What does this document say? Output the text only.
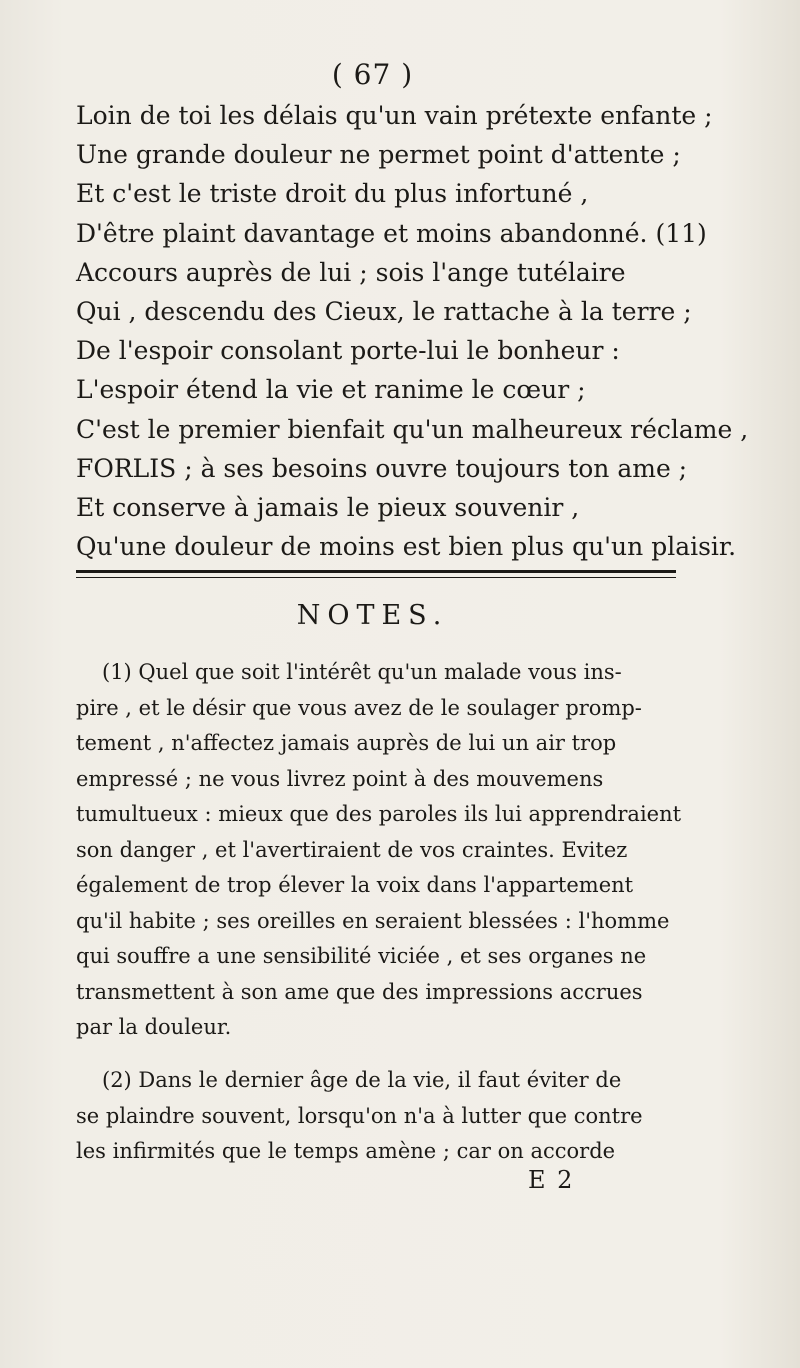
( 67 )
Loin de toi les délais qu'un vain prétexte enfante ;
Une grande douleur ne permet point d'attente ;
Et c'est le triste droit du plus infortuné ,
D'être plaint davantage et moins abandonné. (11)
Accours auprès de lui ; sois l'ange tutélaire
Qui , descendu des Cieux, le rattache à la terre ;
De l'espoir consolant porte-lui le bonheur :
L'espoir étend la vie et ranime le cœur ;
C'est le premier bienfait qu'un malheureux réclame ,
FORLIS ; à ses besoins ouvre toujours ton ame ;
Et conserve à jamais le pieux souvenir ,
Qu'une douleur de moins est bien plus qu'un plaisir.
NOTES.
(1) Quel que soit l'intérêt qu'un malade vous ins-
pire , et le désir que vous avez de le soulager promp-
tement , n'affectez jamais auprès de lui un air trop
empressé ; ne vous livrez point à des mouvemens
tumultueux : mieux que des paroles ils lui apprendraient
son danger , et l'avertiraient de vos craintes. Evitez
également de trop élever la voix dans l'appartement
qu'il habite ; ses oreilles en seraient blessées : l'homme
qui souffre a une sensibilité viciée , et ses organes ne
transmettent à son ame que des impressions accrues
par la douleur.
(2) Dans le dernier âge de la vie, il faut éviter de
se plaindre souvent, lorsqu'on n'a à lutter que contre
les infirmités que le temps amène ; car on accorde
E 2
